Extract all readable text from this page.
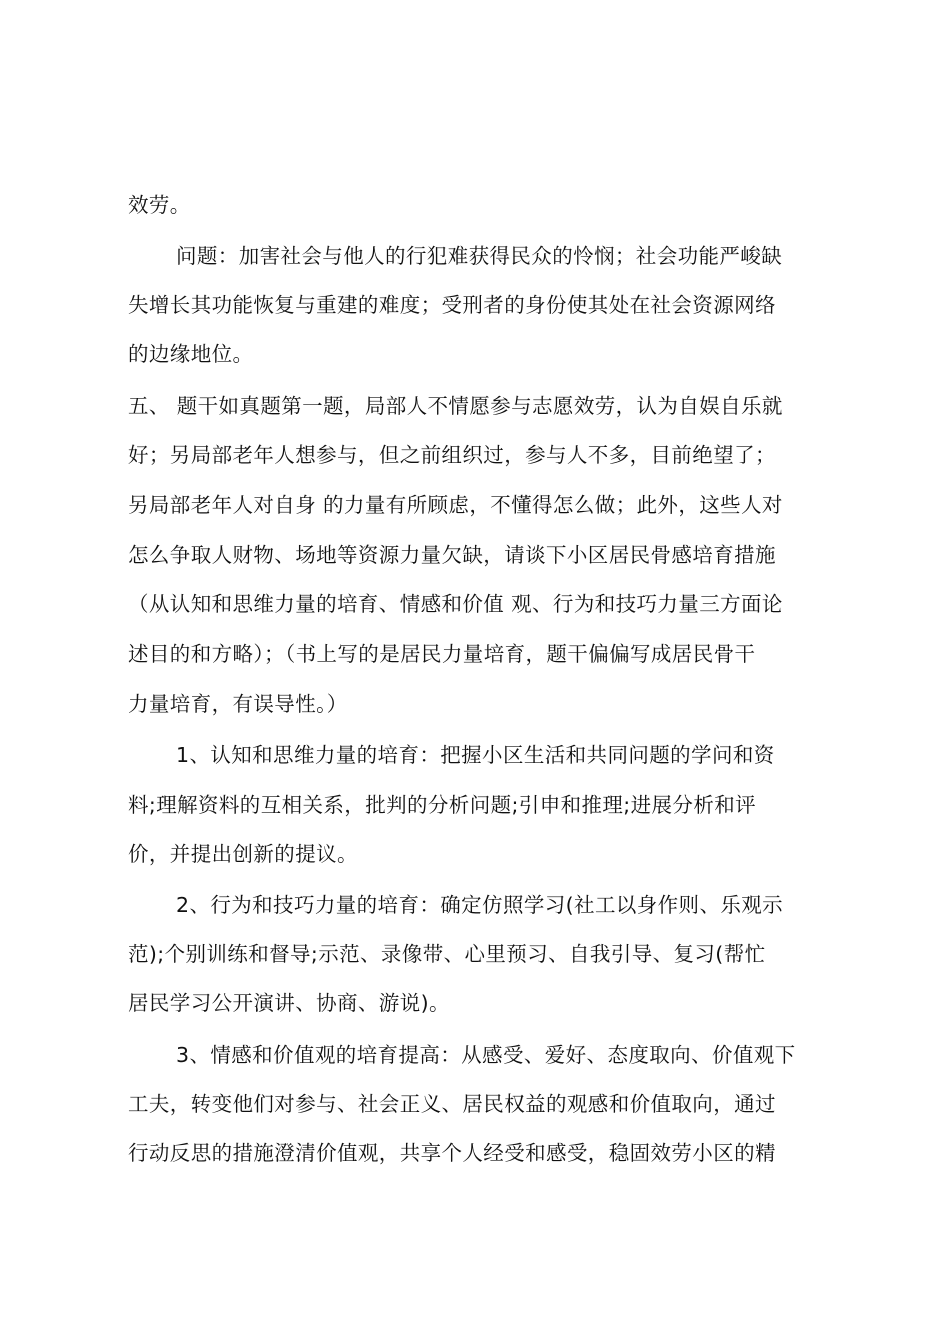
效劳。
问题：加害社会与他人的行犯难获得民众的怜悯；社会功能严峻缺
失增长其功能恢复与重建的难度；受刑者的身份使其处在社会资源网络
的边缘地位。
五、 题干如真题第一题，局部人不情愿参与志愿效劳，认为自娱自乐就
好；另局部老年人想参与，但之前组织过，参与人不多，目前绝望了；
另局部老年人对自身 的力量有所顾虑，不懂得怎么做；此外，这些人对
怎么争取人财物、场地等资源力量欠缺，请谈下小区居民骨感培育措施
（从认知和思维力量的培育、情感和价值 观、行为和技巧力量三方面论
述目的和方略）；（书上写的是居民力量培育，题干偏偏写成居民骨干
力量培育，有误导性。）
1、认知和思维力量的培育：把握小区生活和共同问题的学问和资
料;理解资料的互相关系，批判的分析问题;引申和推理;进展分析和评
价，并提出创新的提议。
2、行为和技巧力量的培育：确定仿照学习(社工以身作则、乐观示
范);个别训练和督导;示范、录像带、心里预习、自我引导、复习(帮忙
居民学习公开演讲、协商、游说)。
3、情感和价值观的培育提高：从感受、爱好、态度取向、价值观下
工夫，转变他们对参与、社会正义、居民权益的观感和价值取向，通过
行动反思的措施澄清价值观，共享个人经受和感受，稳固效劳小区的精
